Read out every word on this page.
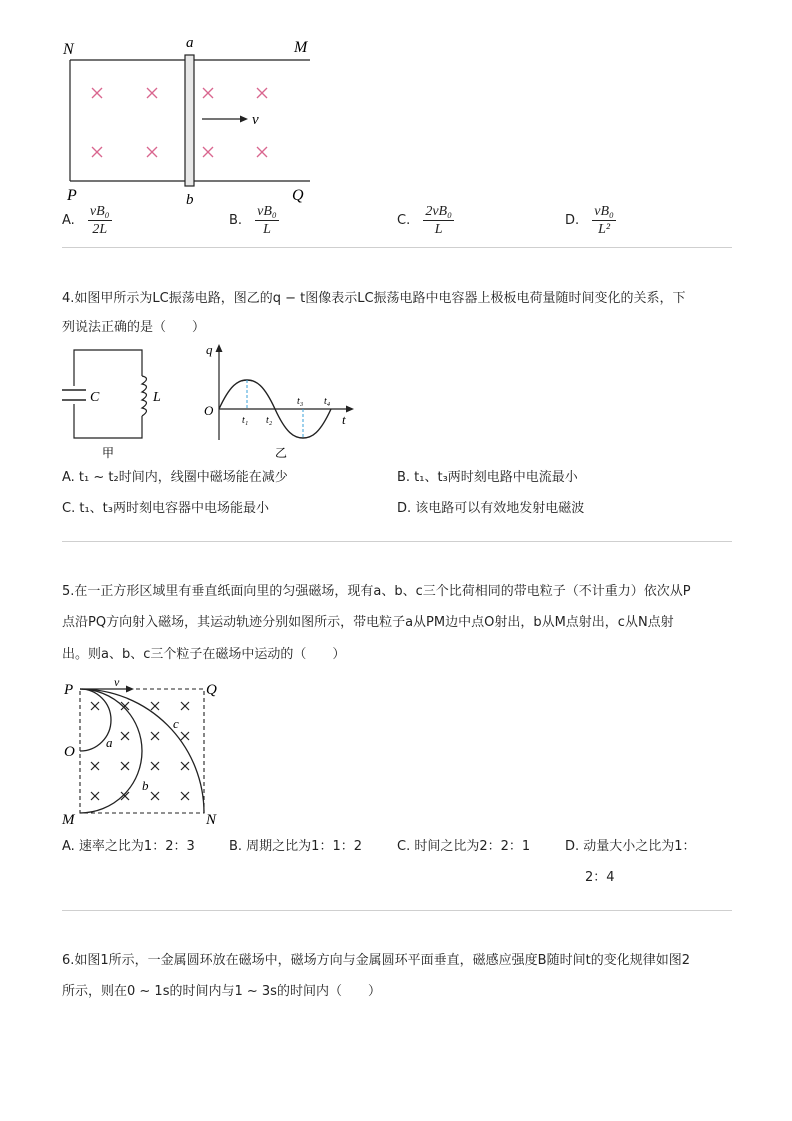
N	M
P	Q
a
b
v
A. $\frac{\text{vB₀}}{2L}$	B. $\frac{\text{vB₀}}{L}$	C. $\frac{\text{2vB₀}}{L}$	D. $\frac{\text{vB₀}}{\text{L²}}$
4.如图甲所示为LC振荡电路，图乙的q − t图像表示LC振荡电路中电容器上极板电荷量随时间变化的关系，下
列说法正确的是（　　）
C	L
甲
q
O
t
t₁ t₂
t₃ t₄
乙
A. t₁ ~ t₂时间内，线圈中磁场能在减少	B. t₁、t₃两时刻电路中电流最小
C. t₁、t₃两时刻电容器中电场能最小	D. 该电路可以有效地发射电磁波
5.在一正方形区域里有垂直纸面向里的匀强磁场，现有a、b、c三个比荷相同的带电粒子（不计重力）依次从P
点沿PQ方向射入磁场，其运动轨迹分别如图所示，带电粒子a从PM边中点O射出，b从M点射出，c从N点射
出。则a、b、c三个粒子在磁场中运动的（　　）
P	Q
O
M	N
v
a
b
c
A. 速率之比为1：2：3	B. 周期之比为1：1：2	C. 时间之比为2：2：1	D. 动量大小之比为1：
2：4
6.如图1所示，一金属圆环放在磁场中，磁场方向与金属圆环平面垂直，磁感应强度B随时间t的变化规律如图2
所示，则在0 ~ 1s的时间内与1 ~ 3s的时间内（　　）
